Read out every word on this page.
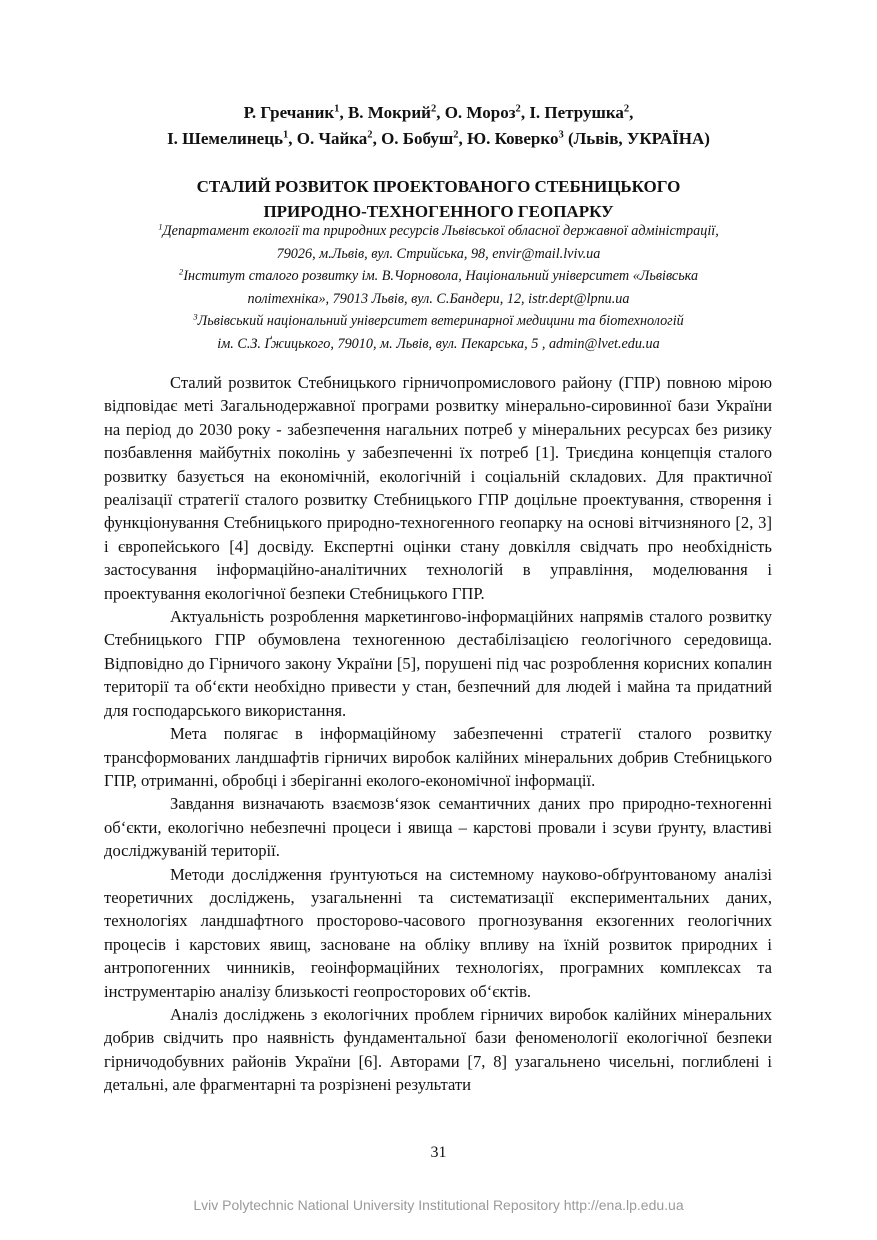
Р. Гречаник$^1$, В. Мокрий$^2$, О. Мороз$^2$, І. Петрушка$^2$,
І. Шемелинець$^1$, О. Чайка$^2$, О. Бобуш$^2$, Ю. Коверко$^3$ (Львів, УКРАЇНА)
СТАЛИЙ РОЗВИТОК ПРОЕКТОВАНОГО СТЕБНИЦЬКОГО
ПРИРОДНО-ТЕХНОГЕННОГО ГЕОПАРКУ
$^1$Департамент екології та природних ресурсів Львівської обласної державної адміністрації,
79026, м.Львів, вул. Стрийська, 98, envir@mail.lviv.ua
$^2$Інститут сталого розвитку ім. В.Чорновола, Національний університет «Львівська
політехніка», 79013 Львів, вул. С.Бандери, 12, istr.dept@lpnu.ua
$^3$Львівський національний університет ветеринарної медицини та біотехнологій
ім. С.З. Ґжицького, 79010, м. Львів, вул. Пекарська, 5 , admin@lvet.edu.ua

Сталий розвиток Стебницького гірничопромислового району (ГПР) повною мірою відповідає меті Загальнодержавної програми розвитку мінерально-сировинної бази України на період до 2030 року - забезпечення нагальних потреб у мінеральних ресурсах без ризику позбавлення майбутніх поколінь у забезпеченні їх потреб [1]. Триєдина концепція сталого розвитку базується на економічній, екологічній і соціальній складових. Для практичної реалізації стратегії сталого розвитку Стебницького ГПР доцільне проектування, створення і функціонування Стебницького природно-техногенного геопарку на основі вітчизняного [2, 3] і європейського [4] досвіду. Експертні оцінки стану довкілля свідчать про необхідність застосування інформаційно-аналітичних технологій в управління, моделювання і проектування екологічної безпеки Стебницького ГПР.

Актуальність розроблення маркетингово-інформаційних напрямів сталого розвитку Стебницького ГПР обумовлена техногенною дестабілізацією геологічного середовища. Відповідно до Гірничого закону України [5], порушені під час розроблення корисних копалин території та об‘єкти необхідно привести у стан, безпечний для людей і майна та придатний для господарського використання.

Мета полягає в інформаційному забезпеченні стратегії сталого розвитку трансформованих ландшафтів гірничих виробок калійних мінеральних добрив Стебницького ГПР, отриманні, обробці і зберіганні еколого-економічної інформації.

Завдання визначають взаємозв‘язок семантичних даних про природно-техногенні об‘єкти, екологічно небезпечні процеси і явища – карстові провали і зсуви ґрунту, властиві досліджуваній території.

Методи дослідження ґрунтуються на системному науково-обґрунтованому аналізі теоретичних досліджень, узагальненні та систематизації експериментальних даних, технологіях ландшафтного просторово-часового прогнозування екзогенних геологічних процесів і карстових явищ, засноване на обліку впливу на їхній розвиток природних і антропогенних чинників, геоінформаційних технологіях, програмних комплексах та інструментарію аналізу близькості геопросторових об‘єктів.

Аналіз досліджень з екологічних проблем гірничих виробок калійних мінеральних добрив свідчить про наявність фундаментальної бази феноменології екологічної безпеки гірничодобувних районів України [6]. Авторами [7, 8] узагальнено чисельні, поглиблені і детальні, але фрагментарні та розрізнені результати

31
Lviv Polytechnic National University Institutional Repository http://ena.lp.edu.ua
